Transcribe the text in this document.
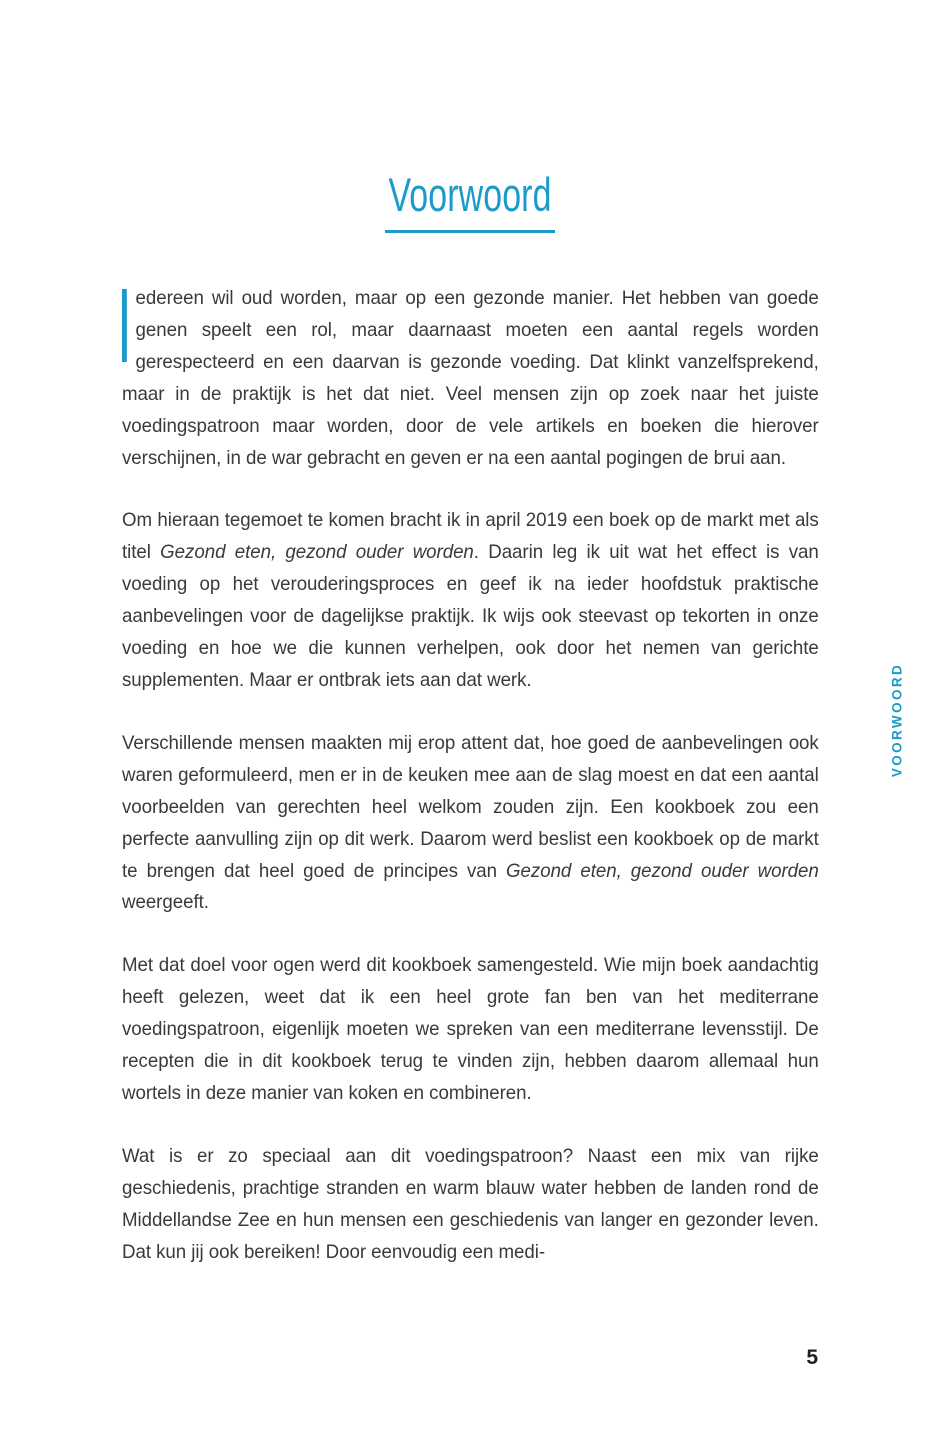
Voorwoord

edereen wil oud worden, maar op een gezonde manier. Het hebben van goede genen speelt een rol, maar daarnaast moeten een aantal regels worden gerespecteerd en een daarvan is gezonde voeding. Dat klinkt vanzelfsprekend, maar in de praktijk is het dat niet. Veel mensen zijn op zoek naar het juiste voedingspatroon maar worden, door de vele artikels en boeken die hierover verschijnen, in de war gebracht en geven er na een aantal pogingen de brui aan.

Om hieraan tegemoet te komen bracht ik in april 2019 een boek op de markt met als titel Gezond eten, gezond ouder worden. Daarin leg ik uit wat het effect is van voeding op het verouderingsproces en geef ik na ieder hoofdstuk praktische aanbevelingen voor de dagelijkse praktijk. Ik wijs ook steevast op tekorten in onze voeding en hoe we die kunnen verhelpen, ook door het nemen van gerichte supplementen. Maar er ontbrak iets aan dat werk.

Verschillende mensen maakten mij erop attent dat, hoe goed de aanbevelingen ook waren geformuleerd, men er in de keuken mee aan de slag moest en dat een aantal voorbeelden van gerechten heel welkom zouden zijn. Een kookboek zou een perfecte aanvulling zijn op dit werk. Daarom werd beslist een kookboek op de markt te brengen dat heel goed de principes van Gezond eten, gezond ouder worden weergeeft.

Met dat doel voor ogen werd dit kookboek samengesteld. Wie mijn boek aandachtig heeft gelezen, weet dat ik een heel grote fan ben van het mediterrane voedingspatroon, eigenlijk moeten we spreken van een mediterrane levensstijl. De recepten die in dit kookboek terug te vinden zijn, hebben daarom allemaal hun wortels in deze manier van koken en combineren.

Wat is er zo speciaal aan dit voedingspatroon? Naast een mix van rijke geschiedenis, prachtige stranden en warm blauw water hebben de landen rond de Middellandse Zee en hun mensen een geschiedenis van langer en gezonder leven. Dat kun jij ook bereiken! Door eenvoudig een medi-

VOORWOORD
5
